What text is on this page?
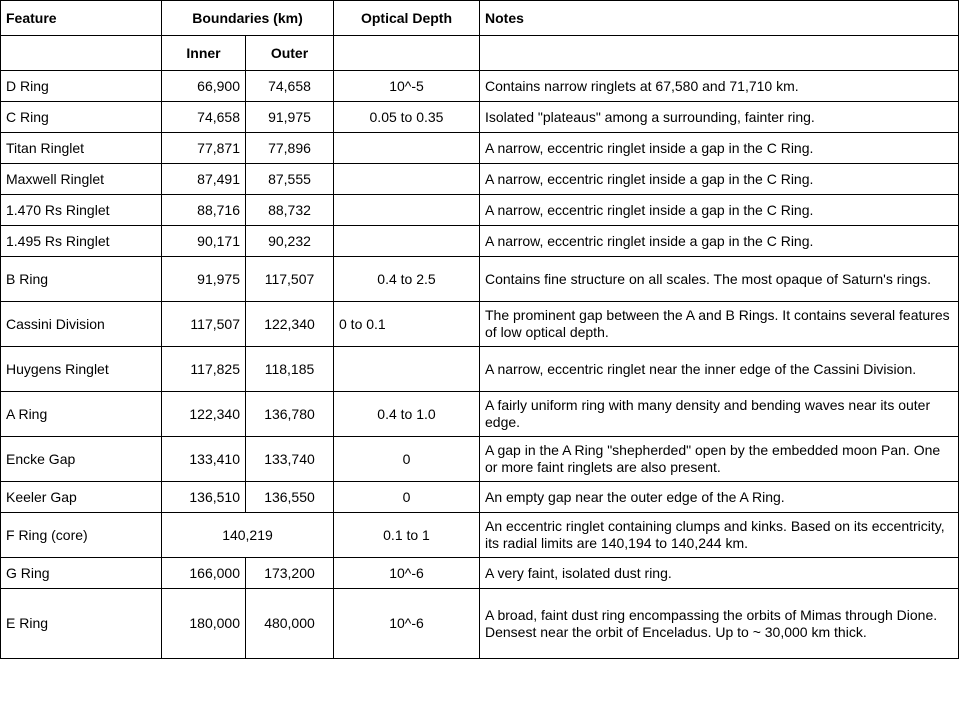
Feature	Boundaries (km)		Optical Depth	Notes
	Inner	Outer		
D Ring	66,900	74,658	10^-5	Contains narrow ringlets at 67,580 and 71,710 km.
C Ring	74,658	91,975	0.05 to 0.35	Isolated "plateaus" among a surrounding, fainter ring.
Titan Ringlet	77,871	77,896		A narrow, eccentric ringlet inside a gap in the C Ring.
Maxwell Ringlet	87,491	87,555		A narrow, eccentric ringlet inside a gap in the C Ring.
1.470 Rs Ringlet	88,716	88,732		A narrow, eccentric ringlet inside a gap in the C Ring.
1.495 Rs Ringlet	90,171	90,232		A narrow, eccentric ringlet inside a gap in the C Ring.
B Ring	91,975	117,507	0.4 to 2.5	Contains fine structure on all scales. The most opaque of Saturn's rings.
Cassini Division	117,507	122,340	0 to 0.1	The prominent gap between the A and B Rings. It contains several features of low optical depth.
Huygens Ringlet	117,825	118,185		A narrow, eccentric ringlet near the inner edge of the Cassini Division.
A Ring	122,340	136,780	0.4 to 1.0	A fairly uniform ring with many density and bending waves near its outer edge.
Encke Gap	133,410	133,740	0	A gap in the A Ring "shepherded" open by the embedded moon Pan. One or more faint ringlets are also present.
Keeler Gap	136,510	136,550	0	An empty gap near the outer edge of the A Ring.
F Ring (core)	140,219		0.1 to 1	An eccentric ringlet containing clumps and kinks. Based on its eccentricity, its radial limits are 140,194 to 140,244 km.
G Ring	166,000	173,200	10^-6	A very faint, isolated dust ring.
E Ring	180,000	480,000	10^-6	A broad, faint dust ring encompassing the orbits of Mimas through Dione. Densest near the orbit of Enceladus. Up to ~ 30,000 km thick.
